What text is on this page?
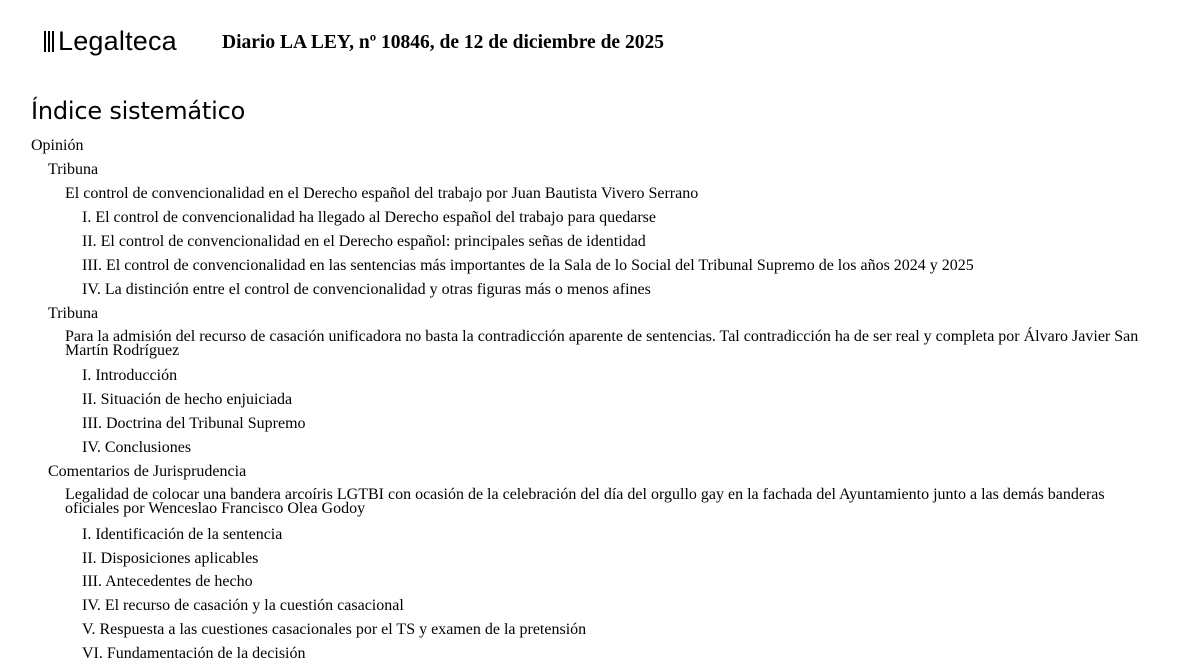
Legalteca Diario LA LEY, nº 10846, de 12 de diciembre de 2025
Índice sistemático
Opinión
Tribuna
El control de convencionalidad en el Derecho español del trabajo por Juan Bautista Vivero Serrano
I. El control de convencionalidad ha llegado al Derecho español del trabajo para quedarse
II. El control de convencionalidad en el Derecho español: principales señas de identidad
III. El control de convencionalidad en las sentencias más importantes de la Sala de lo Social del Tribunal Supremo de los años 2024 y 2025
IV. La distinción entre el control de convencionalidad y otras figuras más o menos afines
Tribuna
Para la admisión del recurso de casación unificadora no basta la contradicción aparente de sentencias. Tal contradicción ha de ser real y completa por Álvaro Javier San Martín Rodríguez
I. Introducción
II. Situación de hecho enjuiciada
III. Doctrina del Tribunal Supremo
IV. Conclusiones
Comentarios de Jurisprudencia
Legalidad de colocar una bandera arcoíris LGTBI con ocasión de la celebración del día del orgullo gay en la fachada del Ayuntamiento junto a las demás banderas oficiales por Wenceslao Francisco Olea Godoy
I. Identificación de la sentencia
II. Disposiciones aplicables
III. Antecedentes de hecho
IV. El recurso de casación y la cuestión casacional
V. Respuesta a las cuestiones casacionales por el TS y examen de la pretensión
VI. Fundamentación de la decisión
